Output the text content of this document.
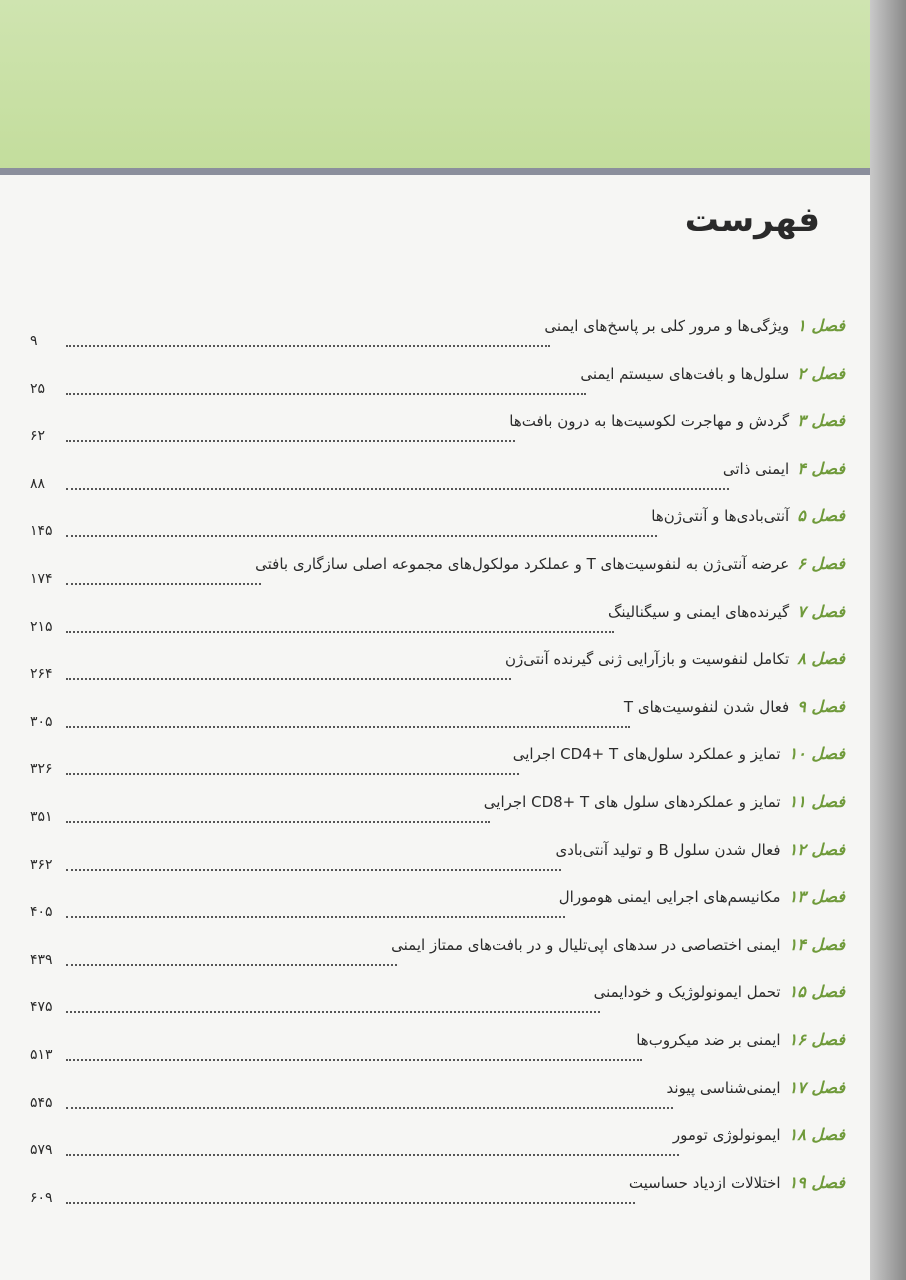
فهرست
فصل ۱
ویژگی‌ها و مرور کلی بر پاسخ‌های ایمنی
۹
فصل ۲
سلول‌ها و بافت‌های سیستم ایمنی
۲۵
فصل ۳
گردش و مهاجرت لکوسیت‌ها به درون بافت‌ها
۶۲
فصل ۴
ایمنی ذاتی
۸۸
فصل ۵
آنتی‌بادی‌ها و آنتی‌ژن‌ها
۱۴۵
فصل ۶
عرضه آنتی‌ژن به لنفوسیت‌های T و عملکرد مولکول‌های مجموعه اصلی سازگاری بافتی
۱۷۴
فصل ۷
گیرنده‌های ایمنی و سیگنالینگ
۲۱۵
فصل ۸
تکامل لنفوسیت و بازآرایی ژنی گیرنده آنتی‌ژن
۲۶۴
فصل ۹
فعال شدن لنفوسیت‌های T
۳۰۵
فصل ۱۰
تمایز و عملکرد سلول‌های CD4+ T اجرایی
۳۲۶
فصل ۱۱
تمایز و عملکردهای سلول های CD8+ T اجرایی
۳۵۱
فصل ۱۲
فعال شدن سلول B و تولید آنتی‌بادی
۳۶۲
فصل ۱۳
مکانیسم‌های اجرایی ایمنی هومورال
۴۰۵
فصل ۱۴
ایمنی اختصاصی در سدهای اپی‌تلیال و در بافت‌های ممتاز ایمنی
۴۳۹
فصل ۱۵
تحمل ایمونولوژیک و خودایمنی
۴۷۵
فصل ۱۶
ایمنی بر ضد میکروب‌ها
۵۱۳
فصل ۱۷
ایمنی‌شناسی پیوند
۵۴۵
فصل ۱۸
ایمونولوژی تومور
۵۷۹
فصل ۱۹
اختلالات ازدیاد حساسیت
۶۰۹
